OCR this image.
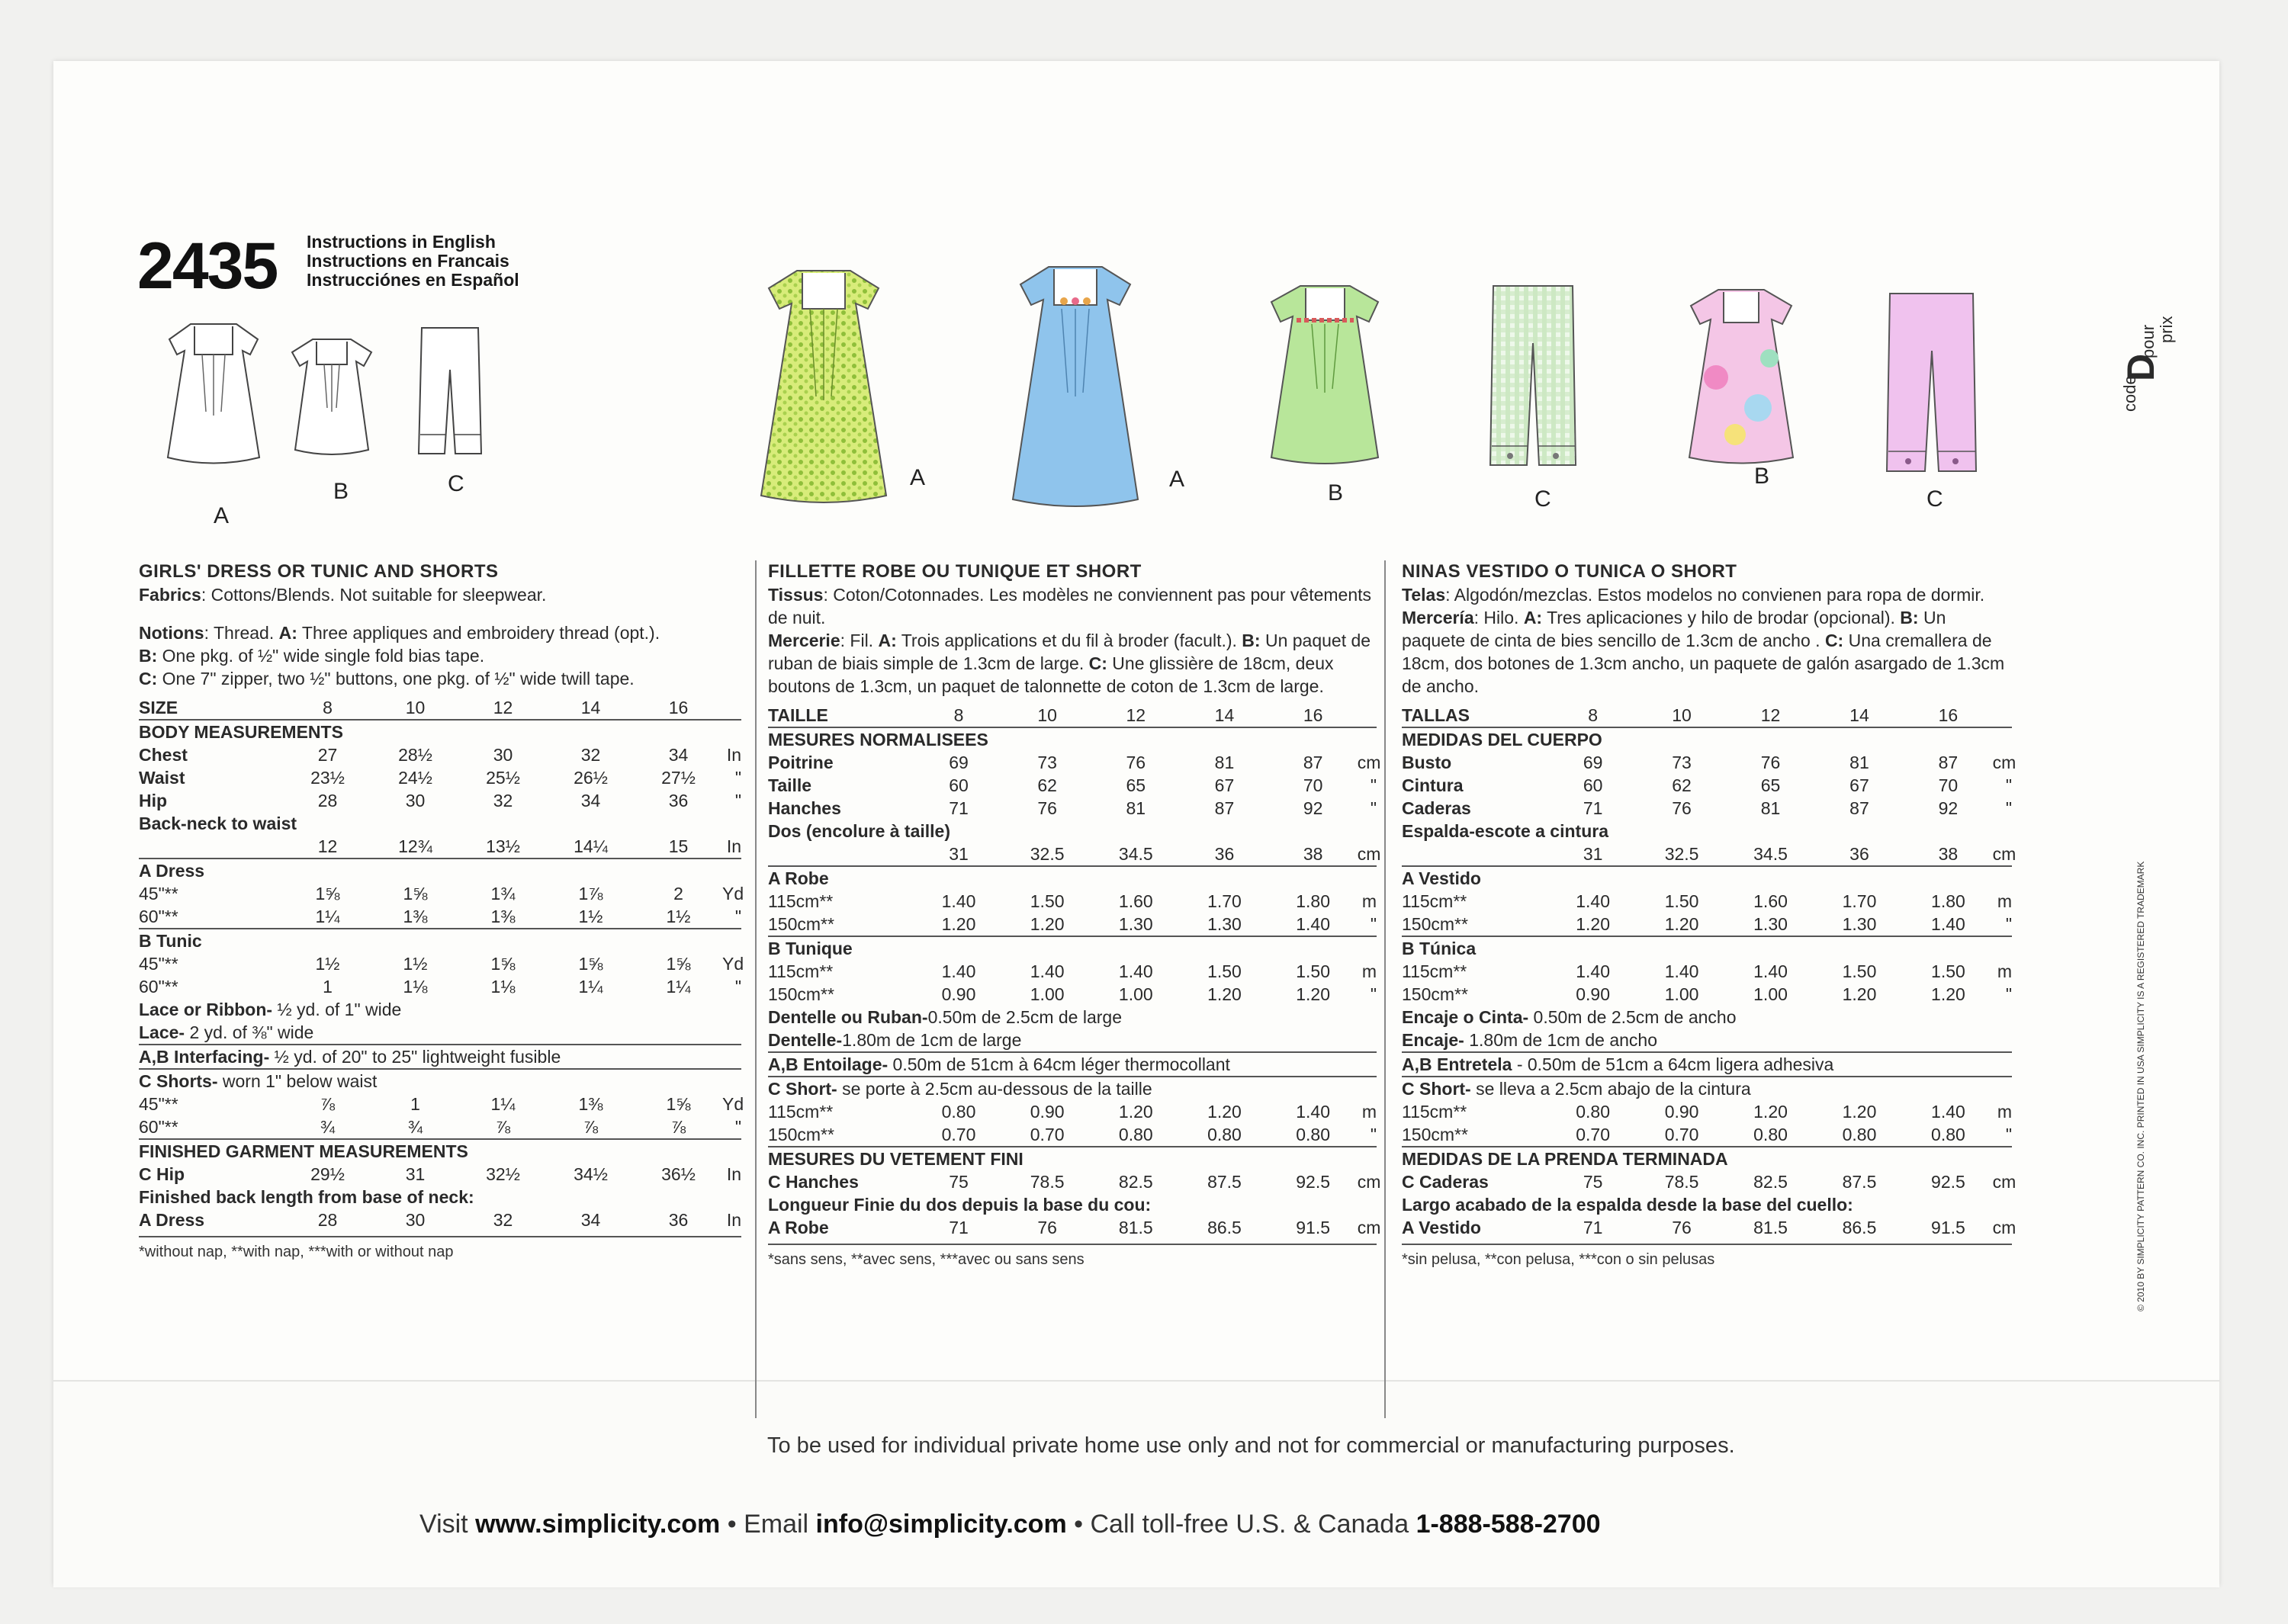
2435 Instructions in English
Instructions en Francais
Instrucciónes en Español
A
B	C	A	A
B	C
B
C
code
D
pour prix
© 2010 BY SIMPLICITY PATTERN CO. INC. PRINTED IN USA SIMPLICITY IS A REGISTERED TRADEMARK
GIRLS' DRESS OR TUNIC AND SHORTS
Fabrics: Cottons/Blends. Not suitable for sleepwear.
Notions: Thread. A: Three appliques and embroidery thread (opt.).
B: One pkg. of ½" wide single fold bias tape.
C: One 7" zipper, two ½" buttons, one pkg. of ½" wide twill tape.
SIZE	8	10	12	14	16	
BODY MEASUREMENTS						
Chest	27	28½	30	32	34	In
Waist	23½	24½	25½	26½	27½	"
Hip	28	30	32	34	36	"
Back-neck to waist						
	12	12¾	13½	14¼	15	In
A Dress						
45"**	1⅝	1⅝	1¾	1⅞	2	Yd
60"**	1¼	1⅜	1⅜	1½	1½	"
B Tunic						
45"**	1½	1½	1⅝	1⅝	1⅝	Yd
60"**	1	1⅛	1⅛	1¼	1¼	"
Lace or Ribbon- ½ yd. of 1" wide						
Lace- 2 yd. of ⅜" wide						
A,B Interfacing- ½ yd. of 20" to 25" lightweight fusible						
C Shorts- worn 1" below waist						
45"**	⅞	1	1¼	1⅜	1⅝	Yd
60"**	¾	¾	⅞	⅞	⅞	"
FINISHED GARMENT MEASUREMENTS						
C Hip	29½	31	32½	34½	36½	In
Finished back length from base of neck:						
A Dress	28	30	32	34	36	In
*without nap, **with nap, ***with or without nap
FILLETTE ROBE OU TUNIQUE ET SHORT
Tissus: Coton/Cotonnades. Les modèles ne conviennent pas pour vêtements de nuit.
Mercerie: Fil. A: Trois applications et du fil à broder (facult.). B: Un paquet de ruban de biais simple de 1.3cm de large. C: Une glissière de 18cm, deux boutons de 1.3cm, un paquet de talonnette de coton de 1.3cm de large.
TAILLE	8	10	12	14	16	
MESURES NORMALISEES						
Poitrine	69	73	76	81	87	cm
Taille	60	62	65	67	70	"
Hanches	71	76	81	87	92	"
Dos (encolure à taille)						
	31	32.5	34.5	36	38	cm
A Robe						
115cm**	1.40	1.50	1.60	1.70	1.80	m
150cm**	1.20	1.20	1.30	1.30	1.40	"
B Tunique						
115cm**	1.40	1.40	1.40	1.50	1.50	m
150cm**	0.90	1.00	1.00	1.20	1.20	"
Dentelle ou Ruban-0.50m de 2.5cm de large						
Dentelle-1.80m de 1cm de large						
A,B Entoilage- 0.50m de 51cm à 64cm léger thermocollant						
C Short- se porte à 2.5cm au-dessous de la taille						
115cm**	0.80	0.90	1.20	1.20	1.40	m
150cm**	0.70	0.70	0.80	0.80	0.80	"
MESURES DU VETEMENT FINI						
C Hanches	75	78.5	82.5	87.5	92.5	cm
Longueur Finie du dos depuis la base du cou:						
A Robe	71	76	81.5	86.5	91.5	cm
*sans sens, **avec sens, ***avec ou sans sens
NINAS VESTIDO O TUNICA O SHORT
Telas: Algodón/mezclas. Estos modelos no convienen para ropa de dormir.
Mercería: Hilo. A: Tres aplicaciones y hilo de brodar (opcional). B: Un paquete de cinta de bies sencillo de 1.3cm de ancho . C: Una cremallera de 18cm, dos botones de 1.3cm ancho, un paquete de galón asargado de 1.3cm de ancho.
TALLAS	8	10	12	14	16	
MEDIDAS DEL CUERPO						
Busto	69	73	76	81	87	cm
Cintura	60	62	65	67	70	"
Caderas	71	76	81	87	92	"
Espalda-escote a cintura						
	31	32.5	34.5	36	38	cm
A Vestido						
115cm**	1.40	1.50	1.60	1.70	1.80	m
150cm**	1.20	1.20	1.30	1.30	1.40	"
B Túnica						
115cm**	1.40	1.40	1.40	1.50	1.50	m
150cm**	0.90	1.00	1.00	1.20	1.20	"
Encaje o Cinta- 0.50m de 2.5cm de ancho						
Encaje- 1.80m de 1cm de ancho						
A,B Entretela - 0.50m de 51cm a 64cm ligera adhesiva						
C Short- se lleva a 2.5cm abajo de la cintura						
115cm**	0.80	0.90	1.20	1.20	1.40	m
150cm**	0.70	0.70	0.80	0.80	0.80	"
MEDIDAS DE LA PRENDA TERMINADA						
C Caderas	75	78.5	82.5	87.5	92.5	cm
Largo acabado de la espalda desde la base del cuello:						
A Vestido	71	76	81.5	86.5	91.5	cm
*sin pelusa, **con pelusa, ***con o sin pelusas
To be used for individual private home use only and not for commercial or manufacturing purposes.
Visit www.simplicity.com • Email info@simplicity.com • Call toll-free U.S. & Canada 1-888-588-2700
